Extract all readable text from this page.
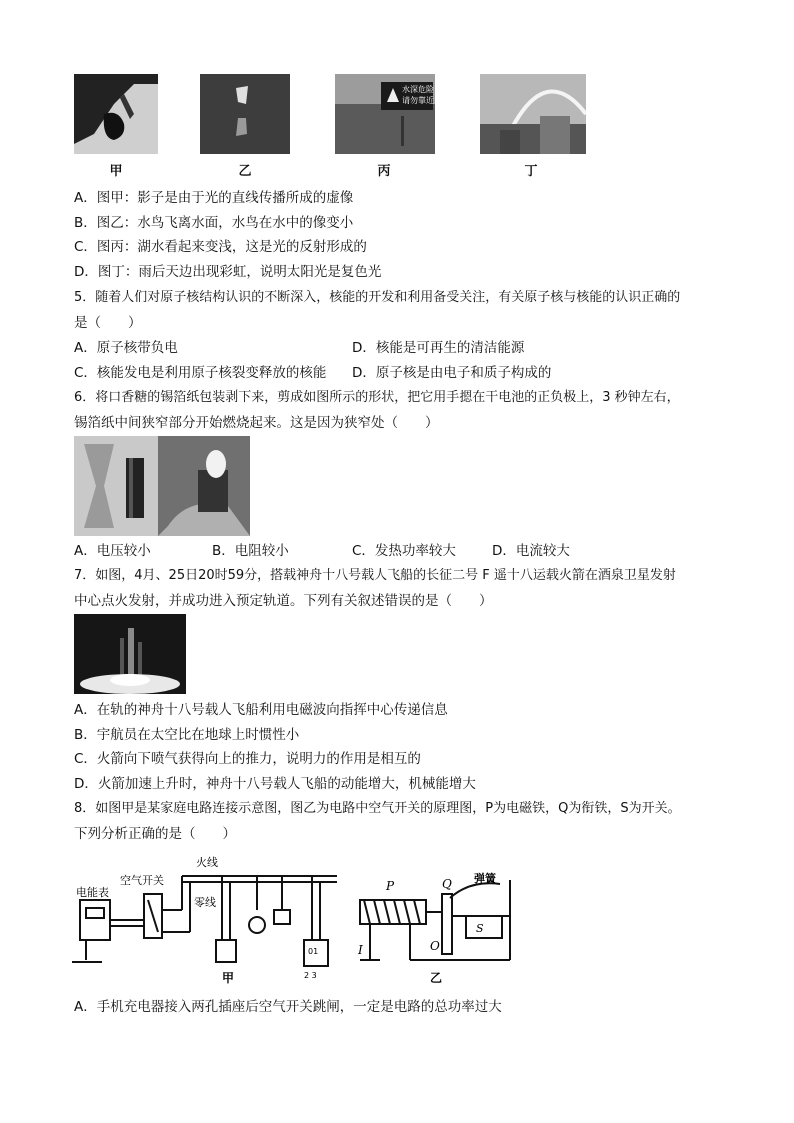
水深危险
请勿靠近
甲	乙	丙	丁
A．图甲：影子是由于光的直线传播所成的虚像
B．图乙：水鸟飞离水面，水鸟在水中的像变小
C．图丙：湖水看起来变浅，这是光的反射形成的
D．图丁：雨后天边出现彩虹，说明太阳光是复色光
5．随着人们对原子核结构认识的不断深入，核能的开发和利用备受关注，有关原子核与核能的认识正确的
是（　　）
A．原子核带负电	D．核能是可再生的清洁能源
C．核能发电是利用原子核裂变释放的核能 D．原子核是由电子和质子构成的
6．将口香糖的锡箔纸包装剥下来，剪成如图所示的形状，把它用手摁在干电池的正负极上，3 秒钟左右，
锡箔纸中间狭窄部分开始燃烧起来。这是因为狭窄处（　　）
A．电压较小	B．电阻较小	C．发热功率较大	D．电流较大
7．如图，4月、25日20时59分，搭载神舟十八号载人飞船的长征二号 F 遥十八运载火箭在酒泉卫星发射
中心点火发射，并成功进入预定轨道。下列有关叙述错误的是（　　）
A．在轨的神舟十八号载人飞船利用电磁波向指挥中心传递信息
B．宇航员在太空比在地球上时惯性小
C．火箭向下喷气获得向上的推力，说明力的作用是相互的
D．火箭加速上升时，神舟十八号载人飞船的动能增大，机械能增大
8．如图甲是某家庭电路连接示意图，图乙为电路中空气开关的原理图，P为电磁铁，Q为衔铁，S为开关。
下列分析正确的是（　　）
火线
零线
空气开关
电能表
01
2 3
甲
P	Q
O
S
I
弹簧
乙
A．手机充电器接入两孔插座后空气开关跳闸，一定是电路的总功率过大
